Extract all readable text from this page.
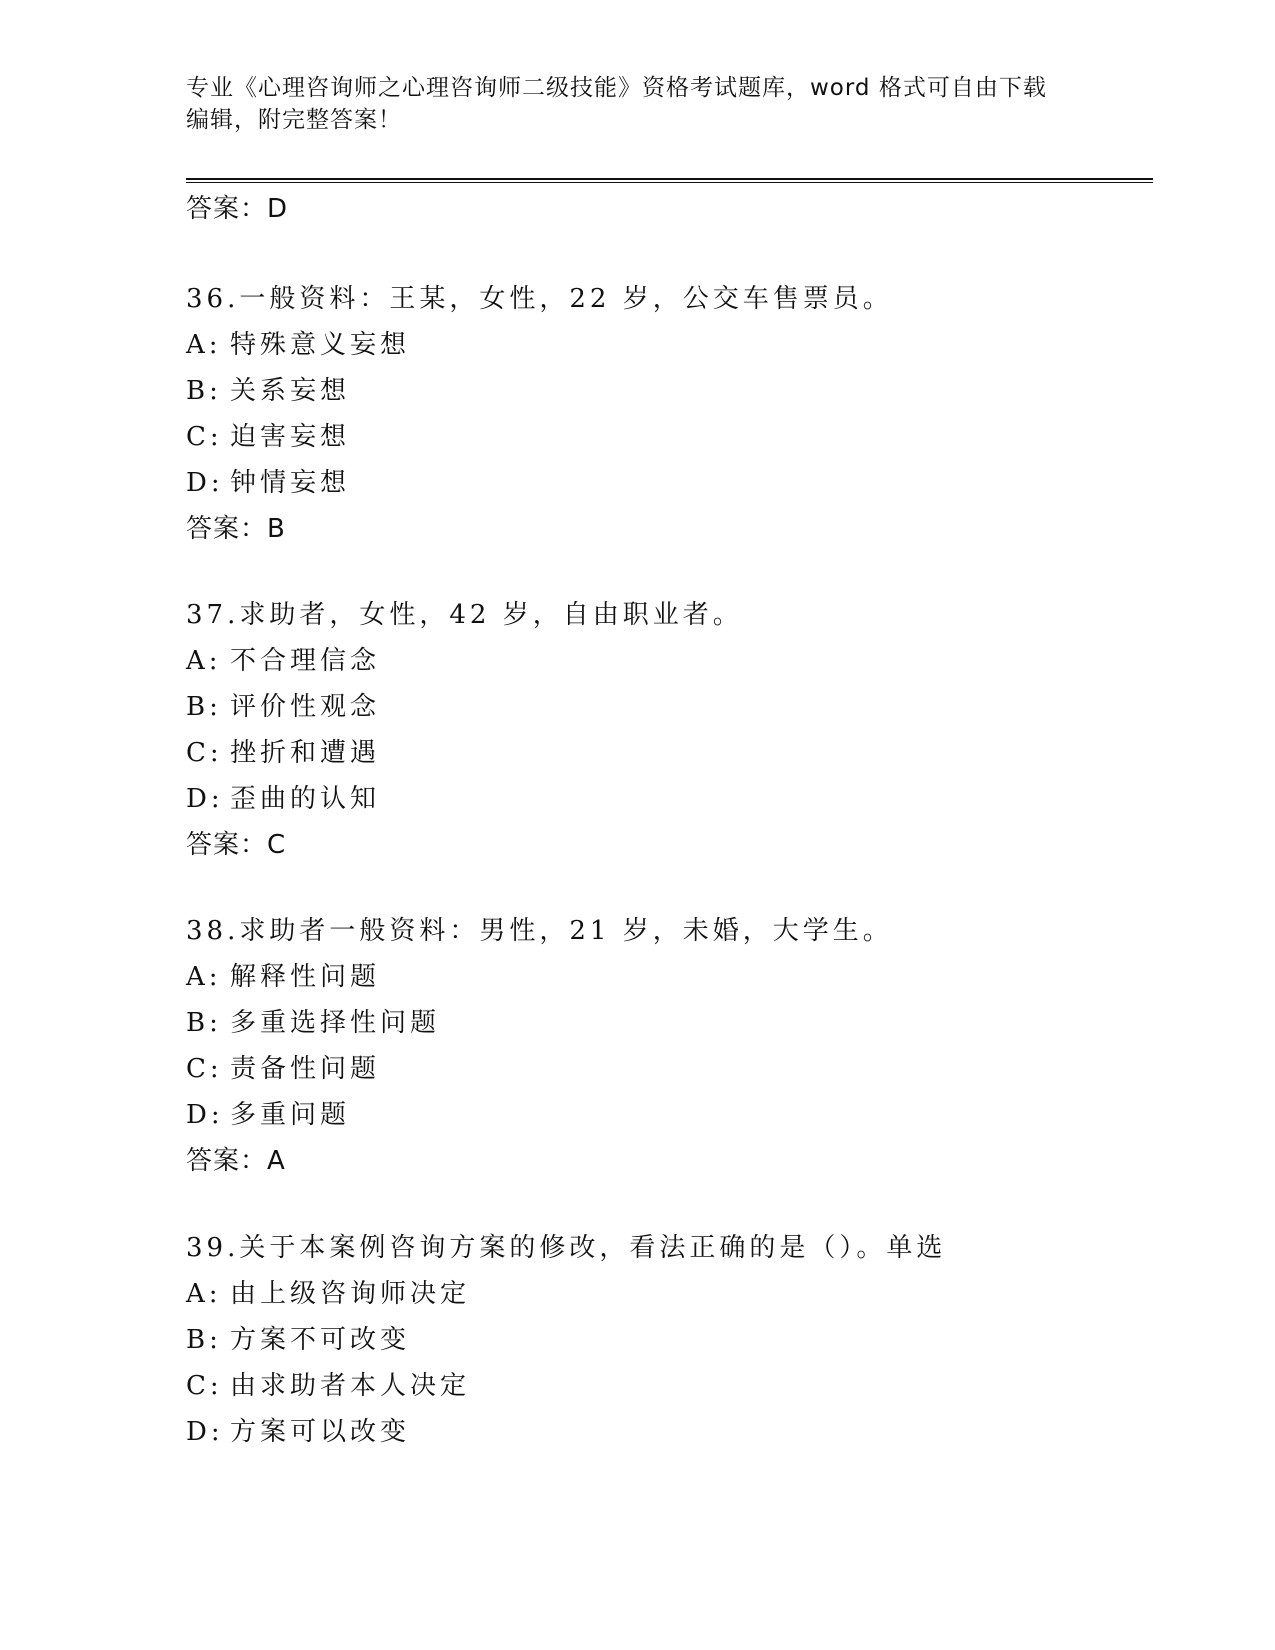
专业《心理咨询师之心理咨询师二级技能》资格考试题库，word 格式可自由下载
编辑，附完整答案！
答案：D
36.一般资料：王某，女性，22 岁，公交车售票员。
A: 特殊意义妄想
B: 关系妄想
C: 迫害妄想
D: 钟情妄想
答案：B
37.求助者，女性，42 岁，自由职业者。
A: 不合理信念
B: 评价性观念
C: 挫折和遭遇
D: 歪曲的认知
答案：C
38.求助者一般资料：男性，21 岁，未婚，大学生。
A: 解释性问题
B: 多重选择性问题
C: 责备性问题
D: 多重问题
答案：A
39.关于本案例咨询方案的修改，看法正确的是（）。单选
A: 由上级咨询师决定
B: 方案不可改变
C: 由求助者本人决定
D: 方案可以改变
